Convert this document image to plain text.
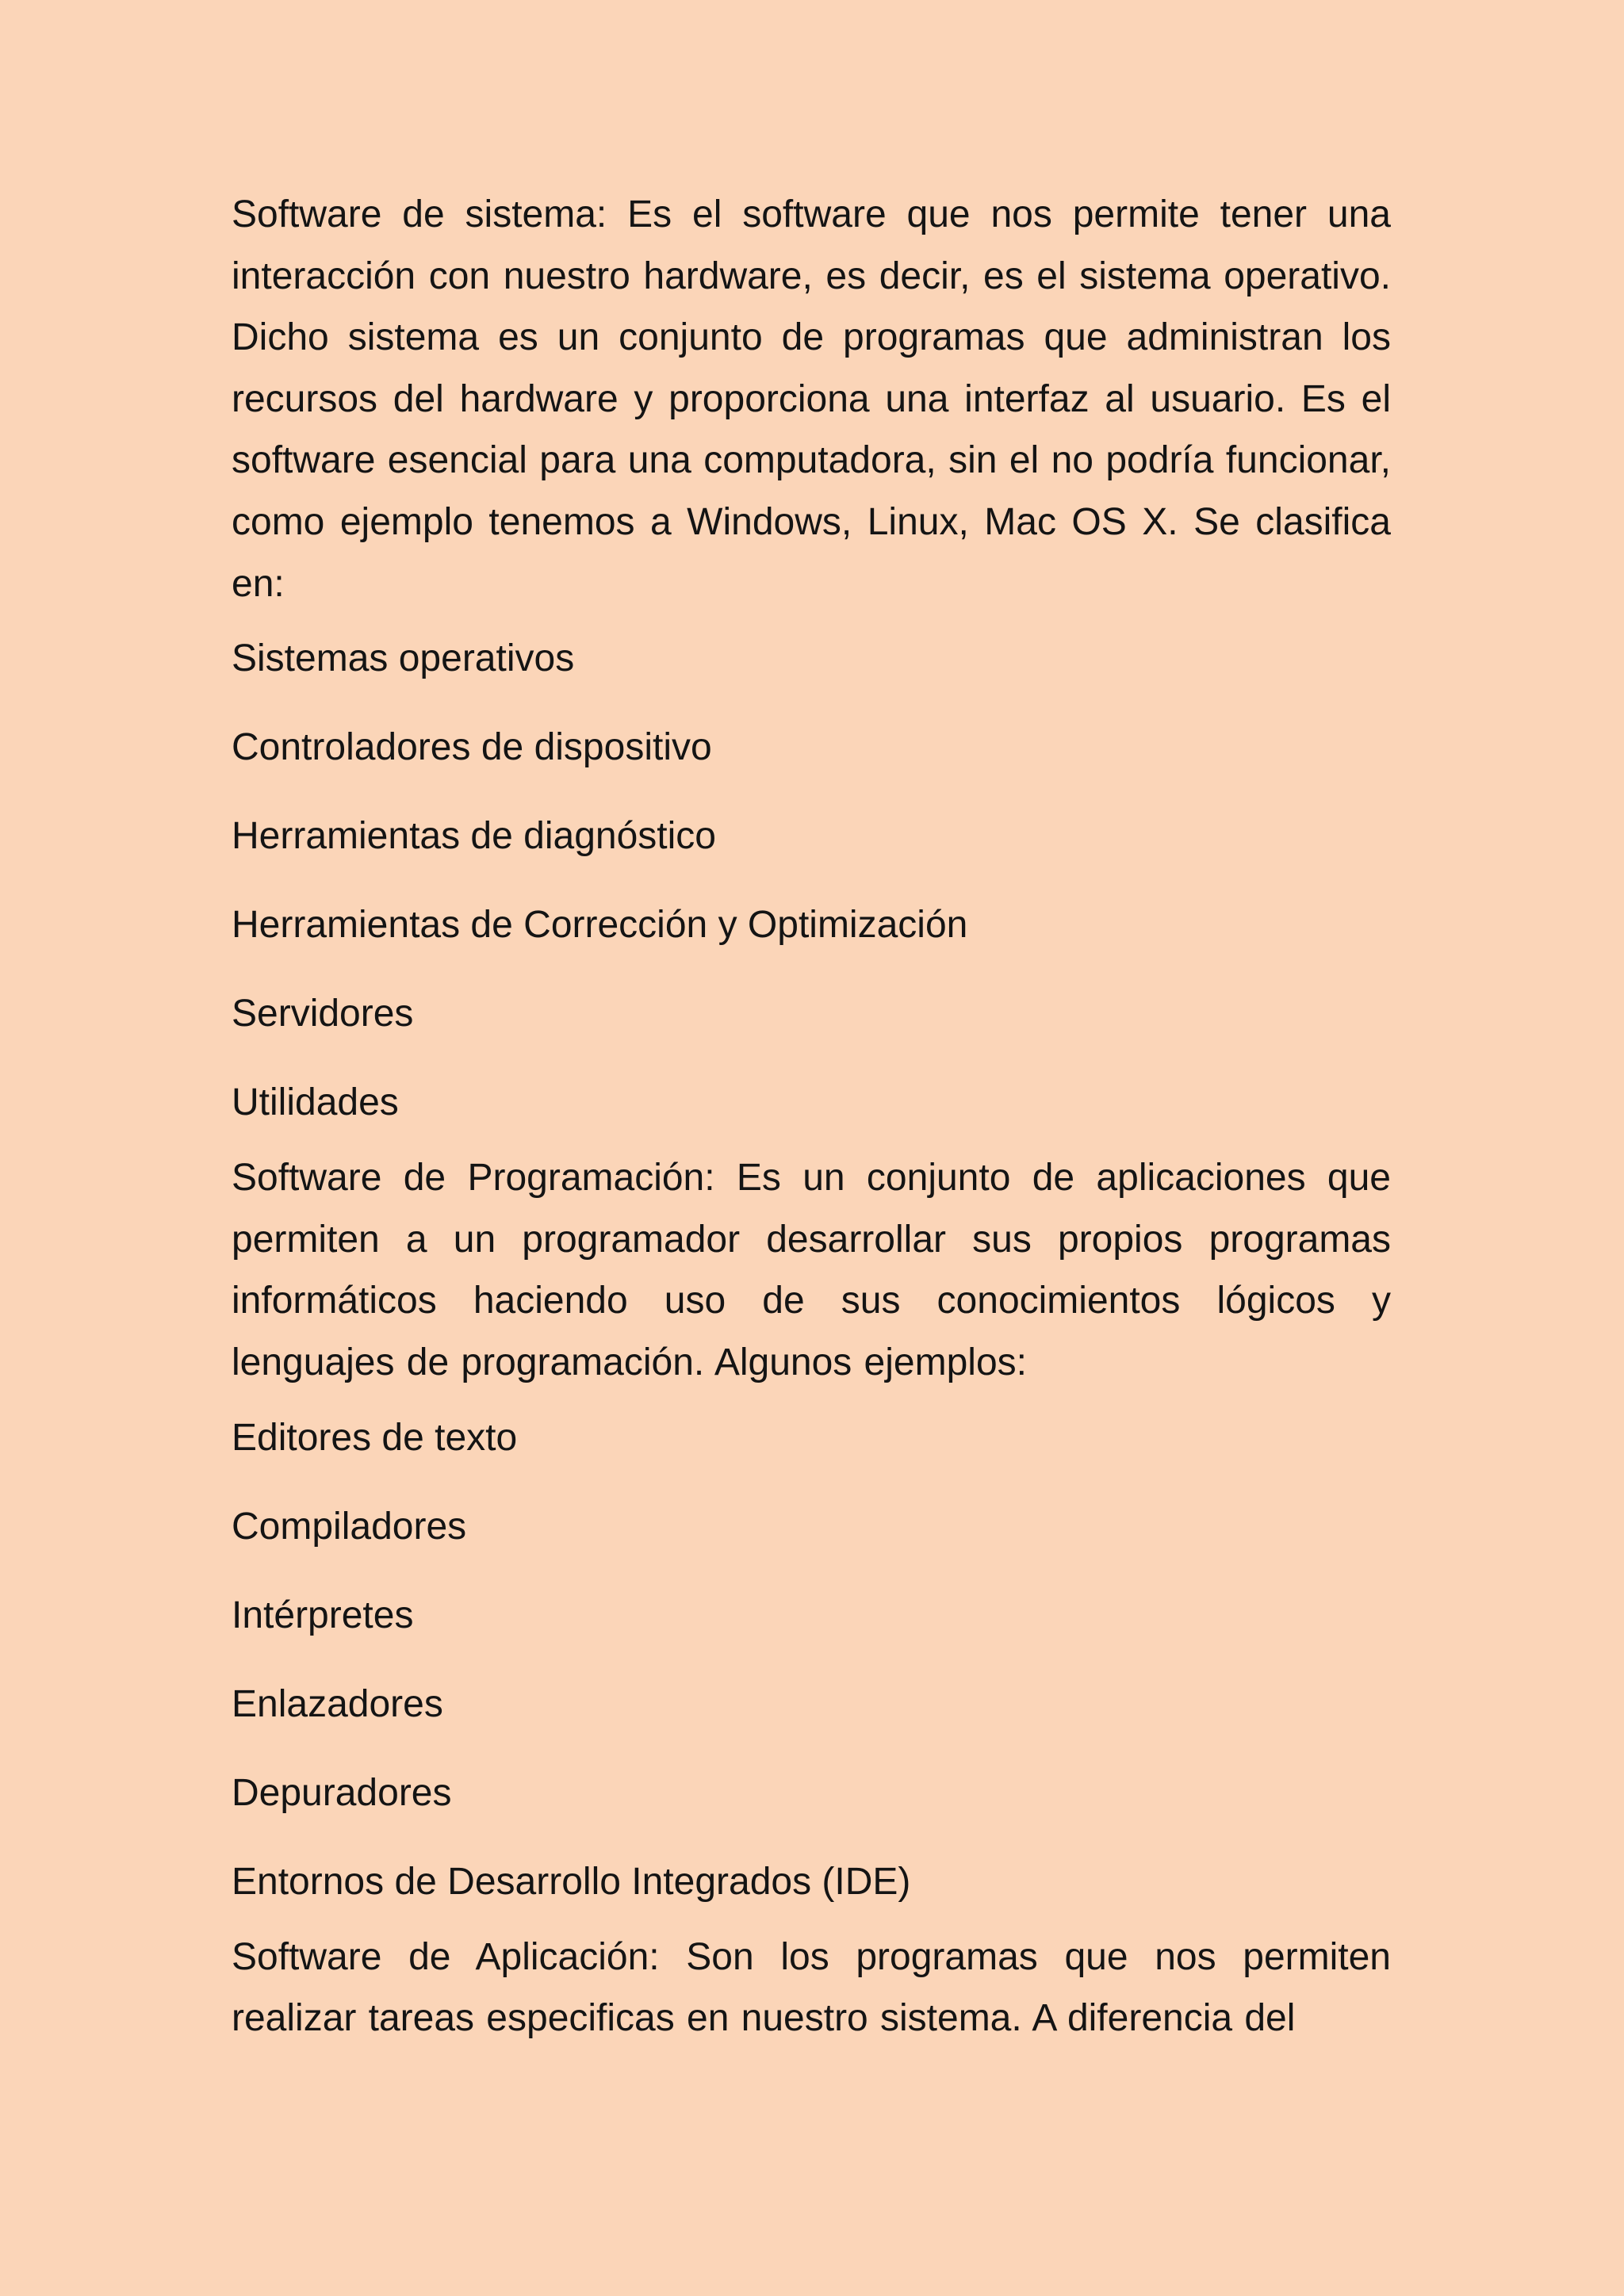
Software de sistema: Es el software que nos permite tener una interacción con nuestro hardware, es decir, es el sistema operativo. Dicho sistema es un conjunto de programas que administran los recursos del hardware y proporciona una interfaz al usuario. Es el software esencial para una computadora, sin el no podría funcionar, como ejemplo tenemos a Windows, Linux, Mac OS X. Se clasifica en:

Sistemas operativos
Controladores de dispositivo
Herramientas de diagnóstico
Herramientas de Corrección y Optimización
Servidores
Utilidades

Software de Programación: Es un conjunto de aplicaciones que permiten a un programador desarrollar sus propios programas informáticos haciendo uso de sus conocimientos lógicos y lenguajes de programación. Algunos ejemplos:

Editores de texto
Compiladores
Intérpretes
Enlazadores
Depuradores
Entornos de Desarrollo Integrados (IDE)

Software de Aplicación: Son los programas que nos permiten realizar tareas especificas en nuestro sistema. A diferencia del
